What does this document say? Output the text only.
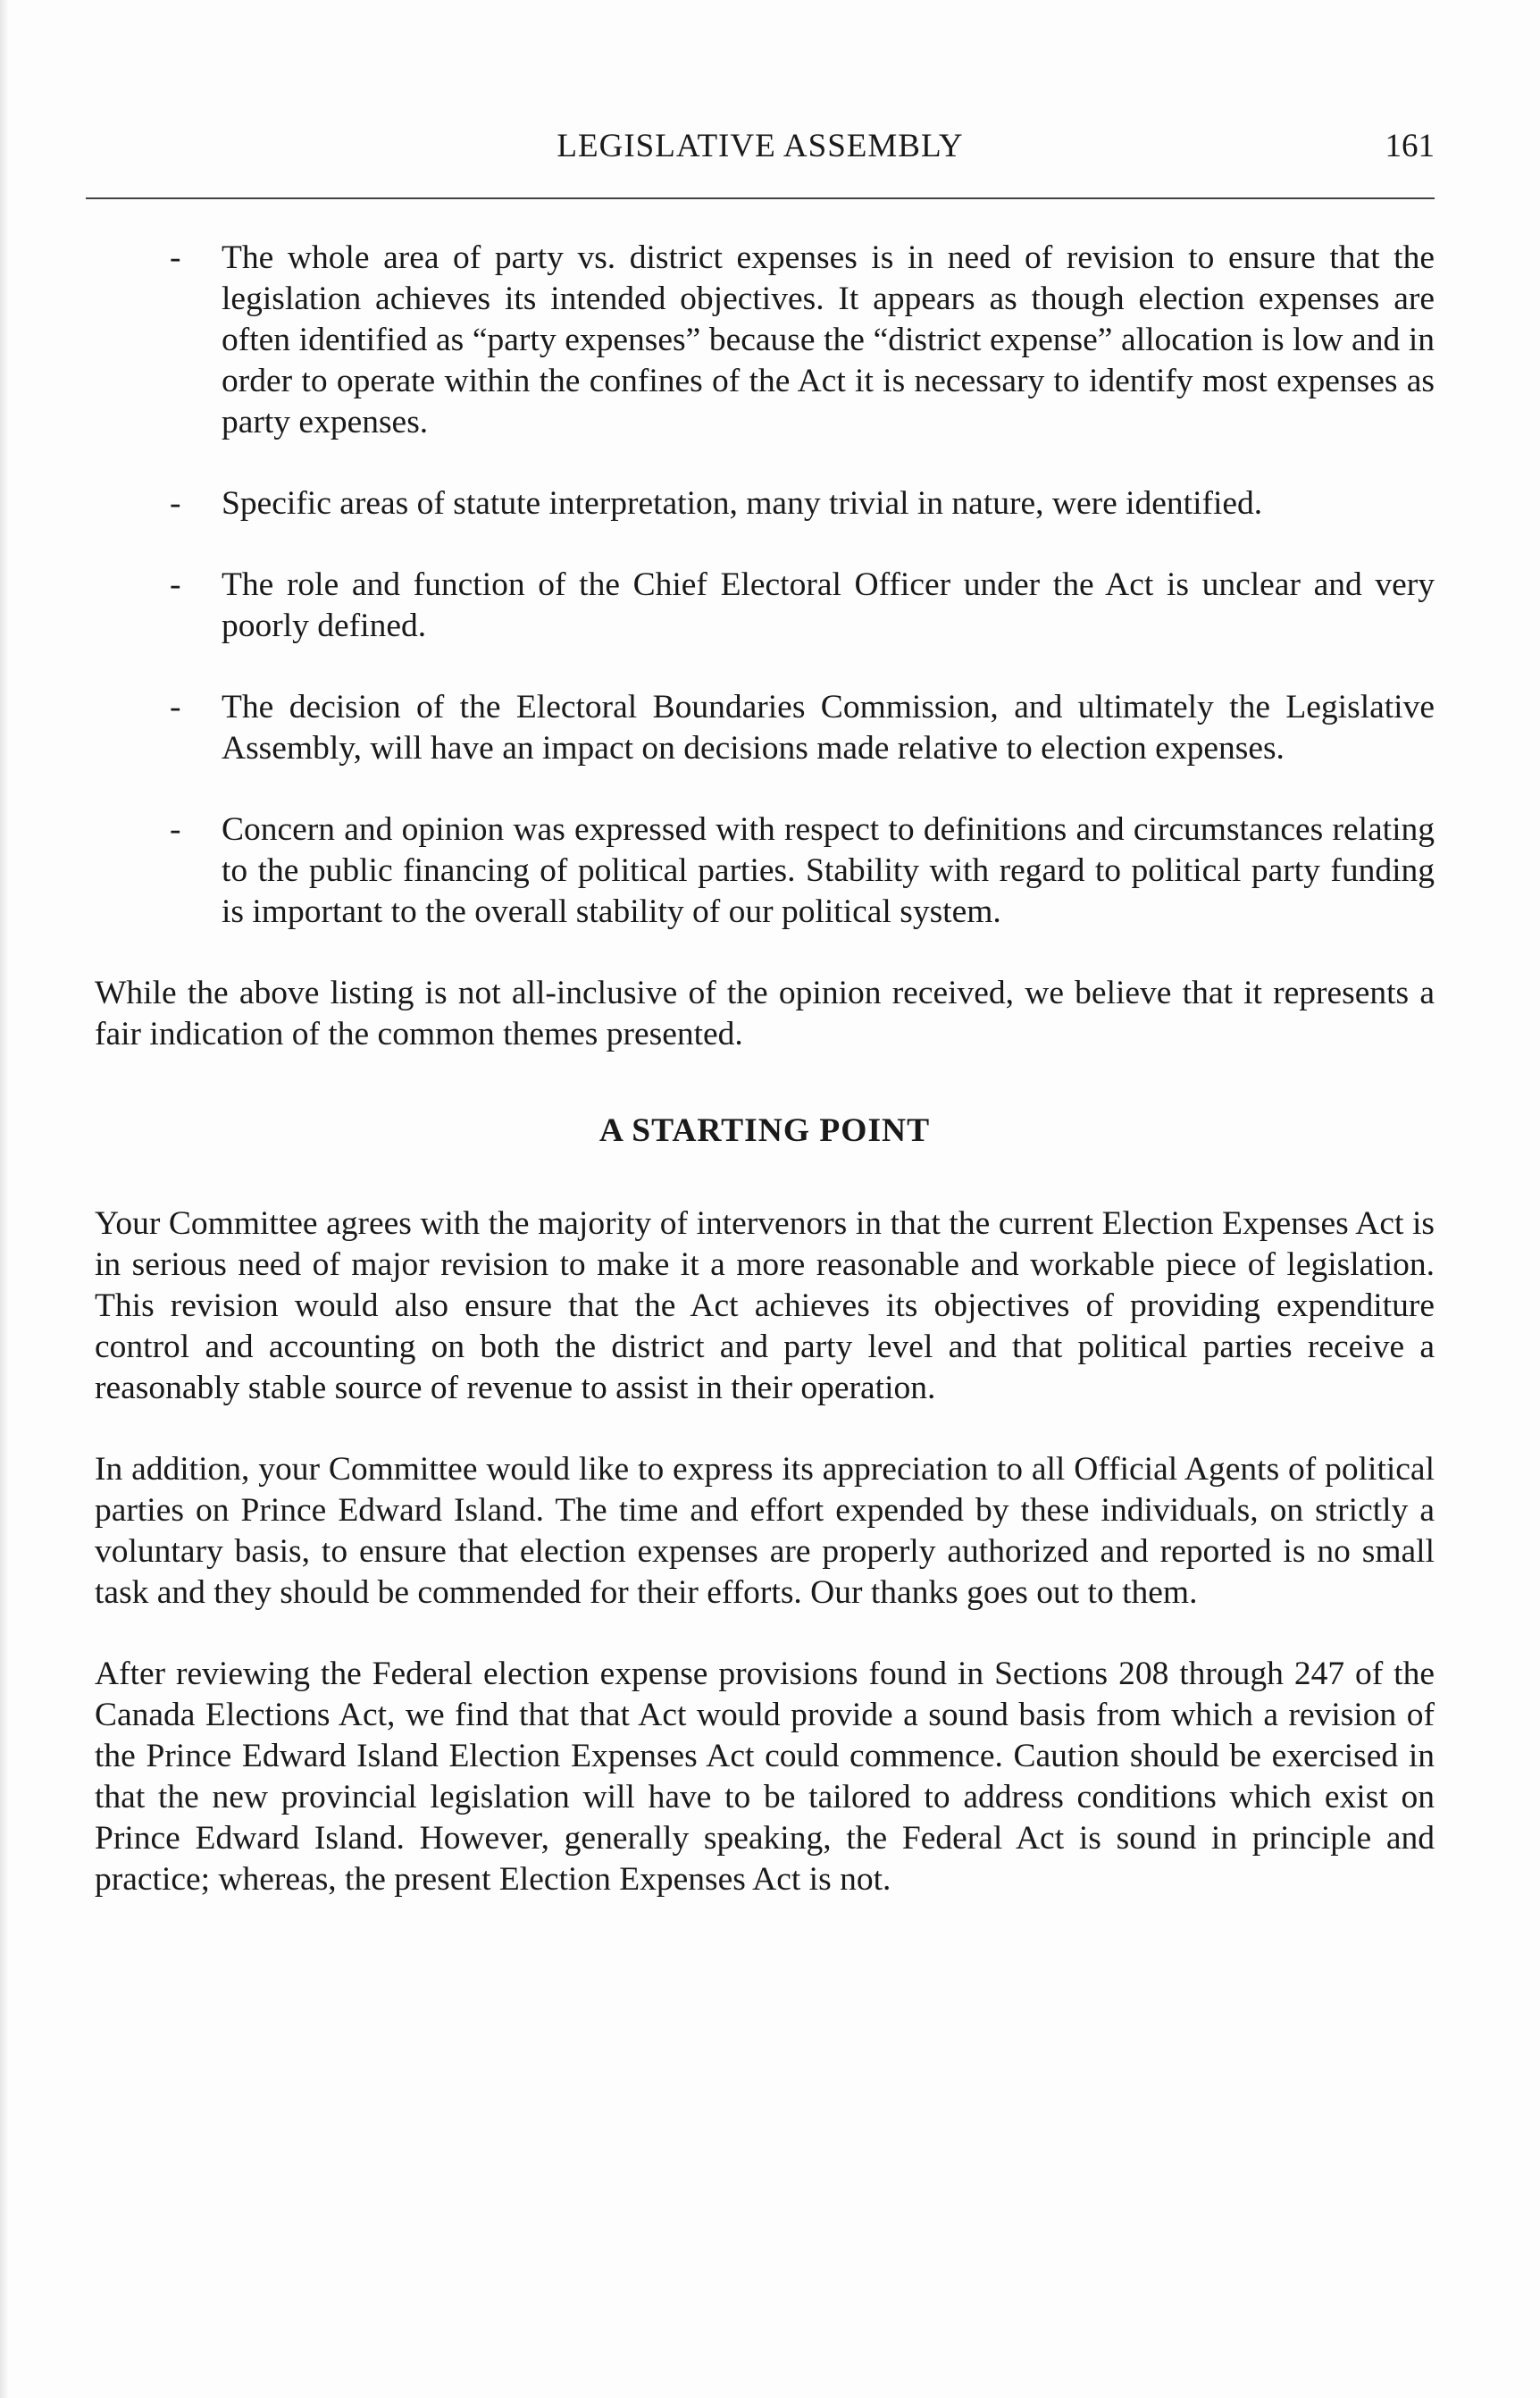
LEGISLATIVE ASSEMBLY	161
- The whole area of party vs. district expenses is in need of revision to ensure that the legislation achieves its intended objectives. It appears as though election expenses are often identified as “party expenses” because the “district expense” allocation is low and in order to operate within the confines of the Act it is necessary to identify most expenses as party expenses.
- Specific areas of statute interpretation, many trivial in nature, were identified.
- The role and function of the Chief Electoral Officer under the Act is unclear and very poorly defined.
- The decision of the Electoral Boundaries Commission, and ultimately the Legislative Assembly, will have an impact on decisions made relative to election expenses.
- Concern and opinion was expressed with respect to definitions and circumstances relating to the public financing of political parties. Stability with regard to political party funding is important to the overall stability of our political system.

While the above listing is not all-inclusive of the opinion received, we believe that it represents a fair indication of the common themes presented.

A STARTING POINT

Your Committee agrees with the majority of intervenors in that the current Election Expenses Act is in serious need of major revision to make it a more reasonable and workable piece of legislation. This revision would also ensure that the Act achieves its objectives of providing expenditure control and accounting on both the district and party level and that political parties receive a reasonably stable source of revenue to assist in their operation.

In addition, your Committee would like to express its appreciation to all Official Agents of political parties on Prince Edward Island. The time and effort expended by these individuals, on strictly a voluntary basis, to ensure that election expenses are properly authorized and reported is no small task and they should be commended for their efforts. Our thanks goes out to them.

After reviewing the Federal election expense provisions found in Sections 208 through 247 of the Canada Elections Act, we find that that Act would provide a sound basis from which a revision of the Prince Edward Island Election Expenses Act could commence. Caution should be exercised in that the new provincial legislation will have to be tailored to address conditions which exist on Prince Edward Island. However, generally speaking, the Federal Act is sound in principle and practice; whereas, the present Election Expenses Act is not.
